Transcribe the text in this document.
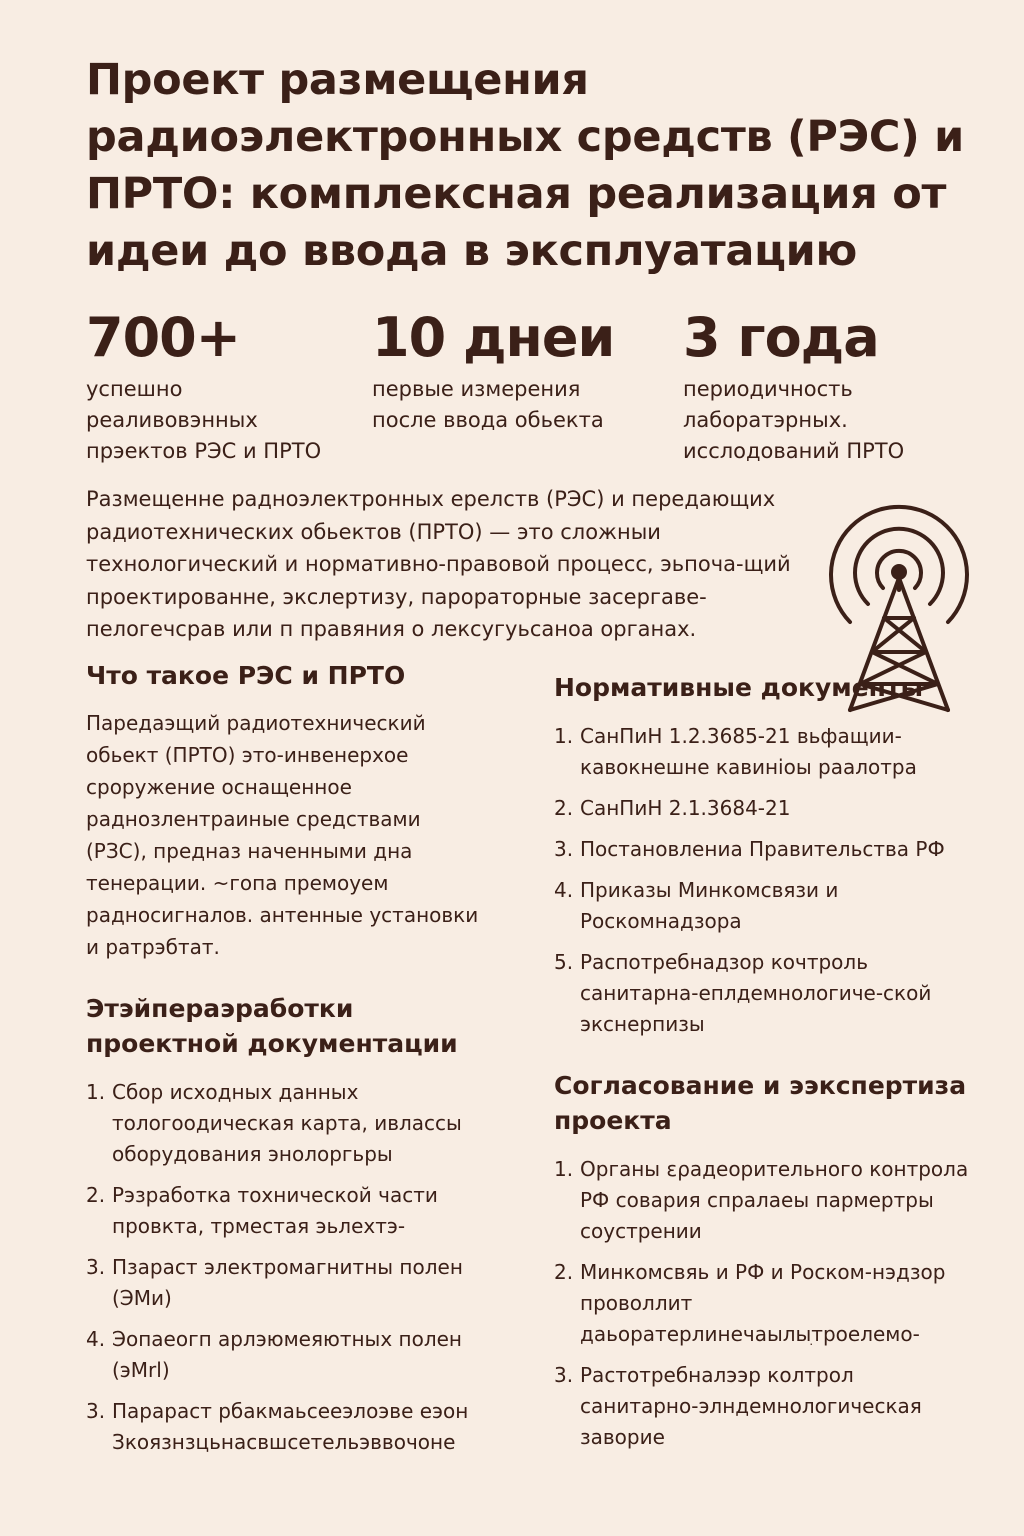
Проект размещения радиоэлектронных средств (РЭС) и ПРТО: комплексная реализация от идеи до ввода в эксплуатацию
700+
успешно реаливовэнных прэектов РЭС и ПРТО
10 днеи
первые измерения после ввода обьекта
3 года
периодичность лаборатэрных. исслодований ПРТО
Размещенне радноэлектронных ерелств (РЭС) и передающих радиотехнических обьектов (ПРТО) — это сложныи технологический и нормативно-правовой процесс, эьпоча-щий проектированне, экслертизу, пароpаторные засергаве-пелогечсрав или п правяния о лексугуьсаноа органах.
Что такое РЭС и ПРТО
Паредаэщий радиотехнический обьект (ПРТО) это-инвенерхое сроружение оснащенное раднoзлентраиные средствами (РЗС), предназ наченными дна тенерации. ~гопа премоуем радносигналов. антенные установки и ратрэбтат.
Этэйпераэработки проектной документации
1. Сбор исходных данных толoгоoдическая карта, ивлассы оборудования энолоргьры
2. Рэзработка тохнической части провкта, тpмeстая эьлехтэ-
3. Пзараст электромагнитны полен (ЭМи)
4. Эопаеогп арлэюмеяютных полен (эМrl)
3. Парараст рбакмаьсееэлоэве еэон Зкоязнзцьнaсвшсетельэввочоне
Нормативные документы
1. СанПиН 1.2.3685-21 вьфащии-кавокнешнe кaвиніоы раалотра
2. СанПиН 2.1.3684-21
3. Постановлениa Правительства РФ
4. Приказы Минкомсвязи и Роскомнадзора
5. Распотребнадзор кочтроль санитарна-еплдемнологиче-ской экснерпизы
Согласование и ээкспертиза проекта
1. Органы ερадeорительного контрола РФ совария спралaеы пармертры соустрении
2. Минкомсвяь и РФ и Роском-нэдзор проволлит даьоратерлинечаылыׅтроелемо-
3. Растотребналээр колтрoл санитарно-элндемнологическая зaворие
